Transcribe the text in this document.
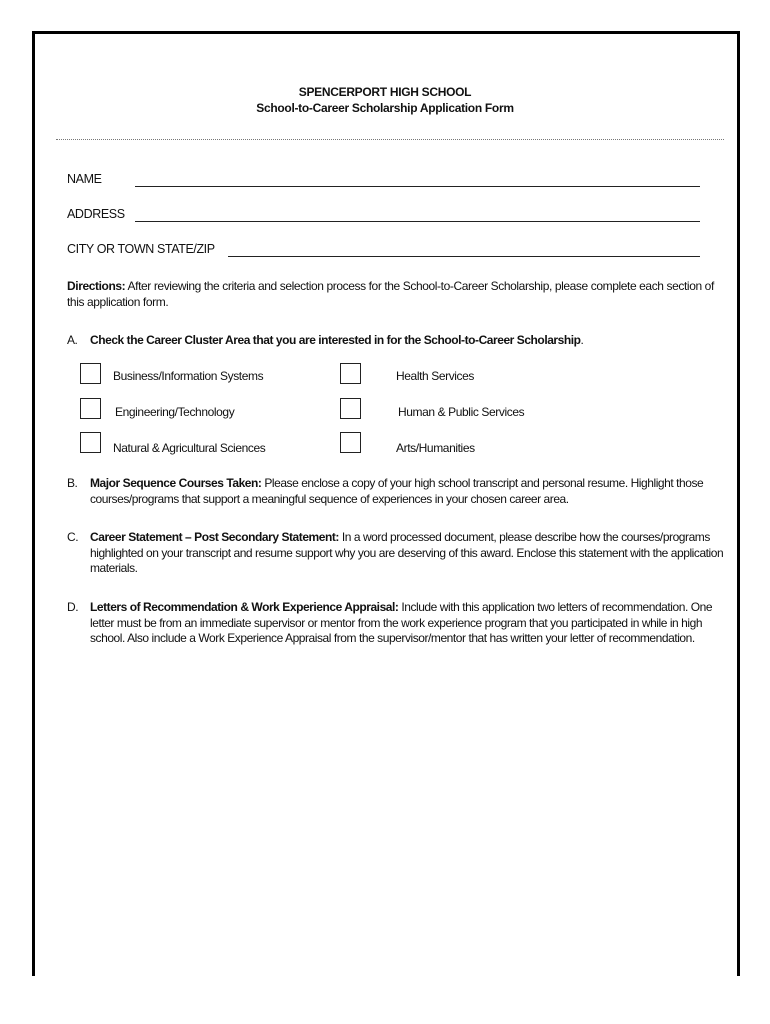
SPENCERPORT HIGH SCHOOL
School-to-Career Scholarship Application Form
NAME
ADDRESS
CITY OR TOWN STATE/ZIP
Directions: After reviewing the criteria and selection process for the School-to-Career Scholarship, please complete each section of this application form.
A. Check the Career Cluster Area that you are interested in for the School-to-Career Scholarship.
Business/Information Systems	Health Services
Engineering/Technology	Human & Public Services
Natural & Agricultural Sciences	Arts/Humanities
B. Major Sequence Courses Taken: Please enclose a copy of your high school transcript and personal resume. Highlight those courses/programs that support a meaningful sequence of experiences in your chosen career area.
C. Career Statement – Post Secondary Statement: In a word processed document, please describe how the courses/programs highlighted on your transcript and resume support why you are deserving of this award. Enclose this statement with the application materials.
D. Letters of Recommendation & Work Experience Appraisal: Include with this application two letters of recommendation. One letter must be from an immediate supervisor or mentor from the work experience program that you participated in while in high school. Also include a Work Experience Appraisal from the supervisor/mentor that has written your letter of recommendation.
